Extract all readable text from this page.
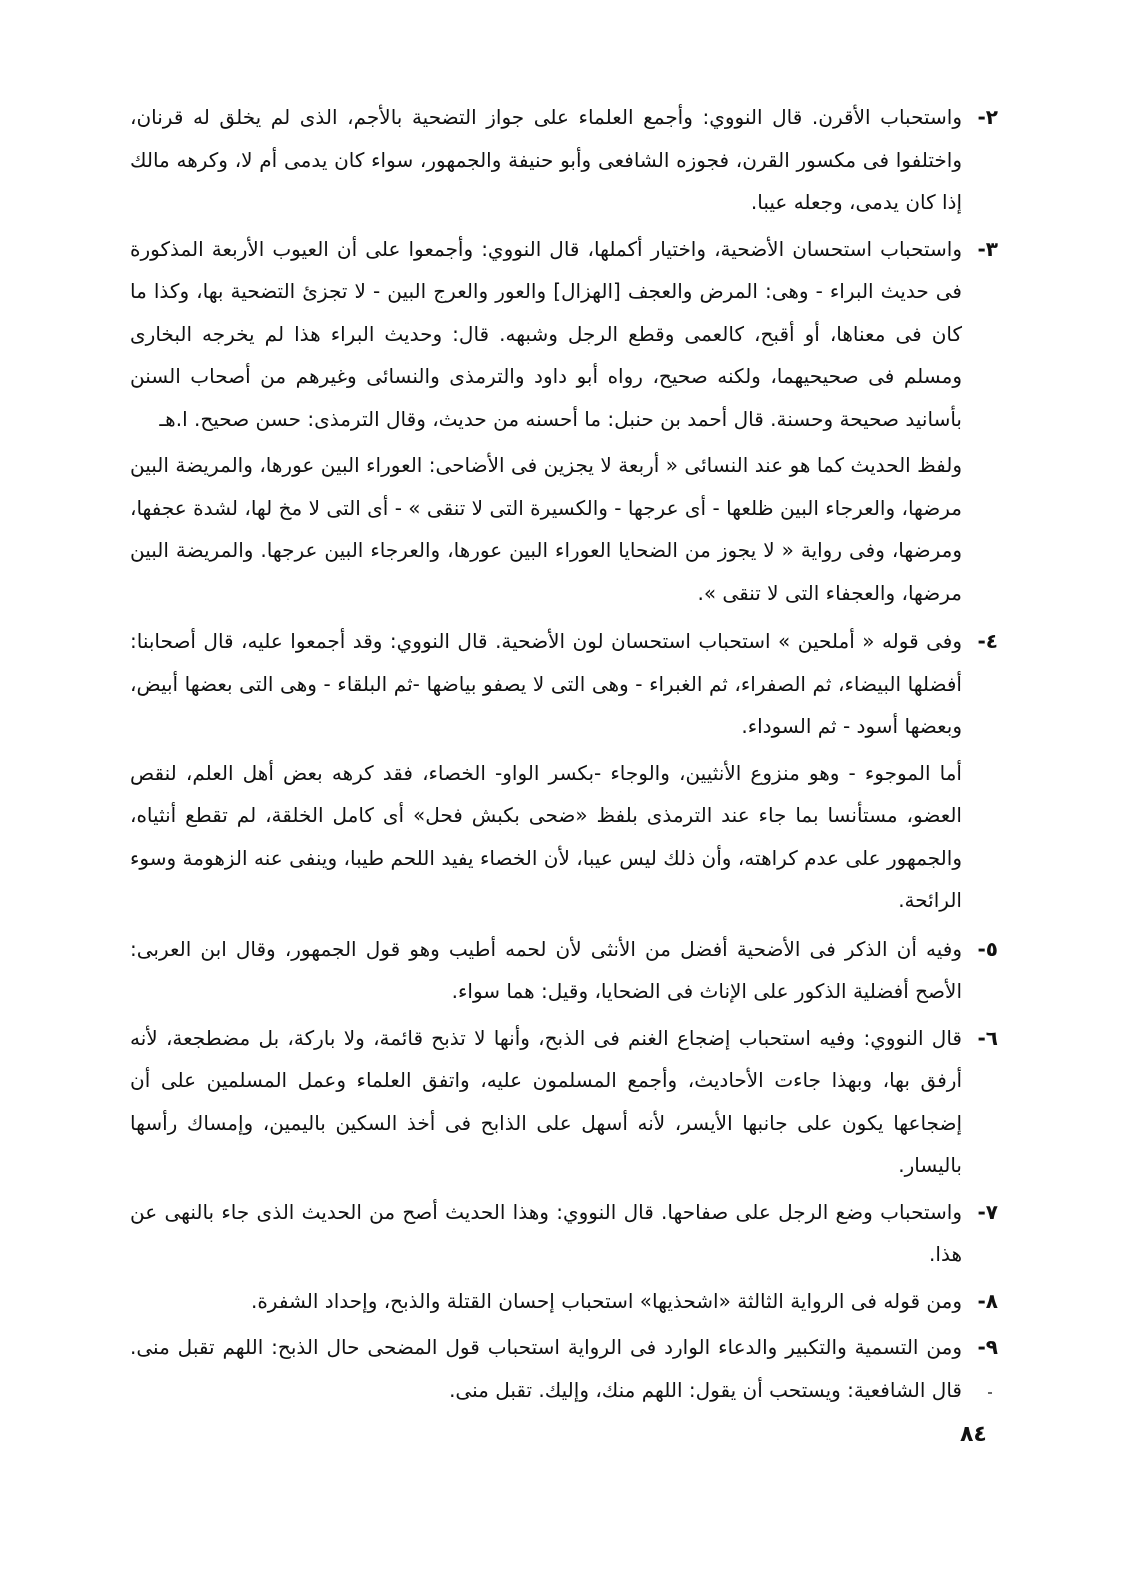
٢-
واستحباب الأقرن. قال النووي: وأجمع العلماء على جواز التضحية بالأجم، الذى لم يخلق له قرنان، واختلفوا فى مكسور القرن، فجوزه الشافعى وأبو حنيفة والجمهور، سواء كان يدمى أم لا، وكرهه مالك إذا كان يدمى، وجعله عيبا.
٣-
واستحباب استحسان الأضحية، واختيار أكملها، قال النووي: وأجمعوا على أن العيوب الأربعة المذكورة فى حديث البراء - وهى: المرض والعجف [الهزال] والعور والعرج البين - لا تجزئ التضحية بها، وكذا ما كان فى معناها، أو أقبح، كالعمى وقطع الرجل وشبهه. قال: وحديث البراء هذا لم يخرجه البخارى ومسلم فى صحيحيهما، ولكنه صحيح، رواه أبو داود والترمذى والنسائى وغيرهم من أصحاب السنن بأسانيد صحيحة وحسنة. قال أحمد بن حنبل: ما أحسنه من حديث، وقال الترمذى: حسن صحيح. ا.هـ
ولفظ الحديث كما هو عند النسائى « أربعة لا يجزين فى الأضاحى: العوراء البين عورها، والمريضة البين مرضها، والعرجاء البين ظلعها - أى عرجها - والكسيرة التى لا تنقى » - أى التى لا مخ لها، لشدة عجفها، ومرضها، وفى رواية « لا يجوز من الضحايا العوراء البين عورها، والعرجاء البين عرجها. والمريضة البين مرضها، والعجفاء التى لا تنقى ».
٤-
وفى قوله « أملحين » استحباب استحسان لون الأضحية. قال النووي: وقد أجمعوا عليه، قال أصحابنا: أفضلها البيضاء، ثم الصفراء، ثم الغبراء - وهى التى لا يصفو بياضها -ثم البلقاء - وهى التى بعضها أبيض، وبعضها أسود - ثم السوداء.
أما الموجوء - وهو منزوع الأنثيين، والوجاء -بكسر الواو- الخصاء، فقد كرهه بعض أهل العلم، لنقص العضو، مستأنسا بما جاء عند الترمذى بلفظ «ضحى بكبش فحل» أى كامل الخلقة، لم تقطع أنثياه، والجمهور على عدم كراهته، وأن ذلك ليس عيبا، لأن الخصاء يفيد اللحم طيبا، وينفى عنه الزهومة وسوء الرائحة.
٥-
وفيه أن الذكر فى الأضحية أفضل من الأنثى لأن لحمه أطيب وهو قول الجمهور، وقال ابن العربى: الأصح أفضلية الذكور على الإناث فى الضحايا، وقيل: هما سواء.
٦-
قال النووي: وفيه استحباب إضجاع الغنم فى الذبح، وأنها لا تذبح قائمة، ولا باركة، بل مضطجعة، لأنه أرفق بها، وبهذا جاءت الأحاديث، وأجمع المسلمون عليه، واتفق العلماء وعمل المسلمين على أن إضجاعها يكون على جانبها الأيسر، لأنه أسهل على الذابح فى أخذ السكين باليمين، وإمساك رأسها باليسار.
٧-
واستحباب وضع الرجل على صفاحها. قال النووي: وهذا الحديث أصح من الحديث الذى جاء بالنهى عن هذا.
٨-
ومن قوله فى الرواية الثالثة «اشحذيها» استحباب إحسان القتلة والذبح، وإحداد الشفرة.
٩-
ومن التسمية والتكبير والدعاء الوارد فى الرواية استحباب قول المضحى حال الذبح: اللهم تقبل منى. قال الشافعية: ويستحب أن يقول: اللهم منك، وإليك. تقبل منى.
٨٤
